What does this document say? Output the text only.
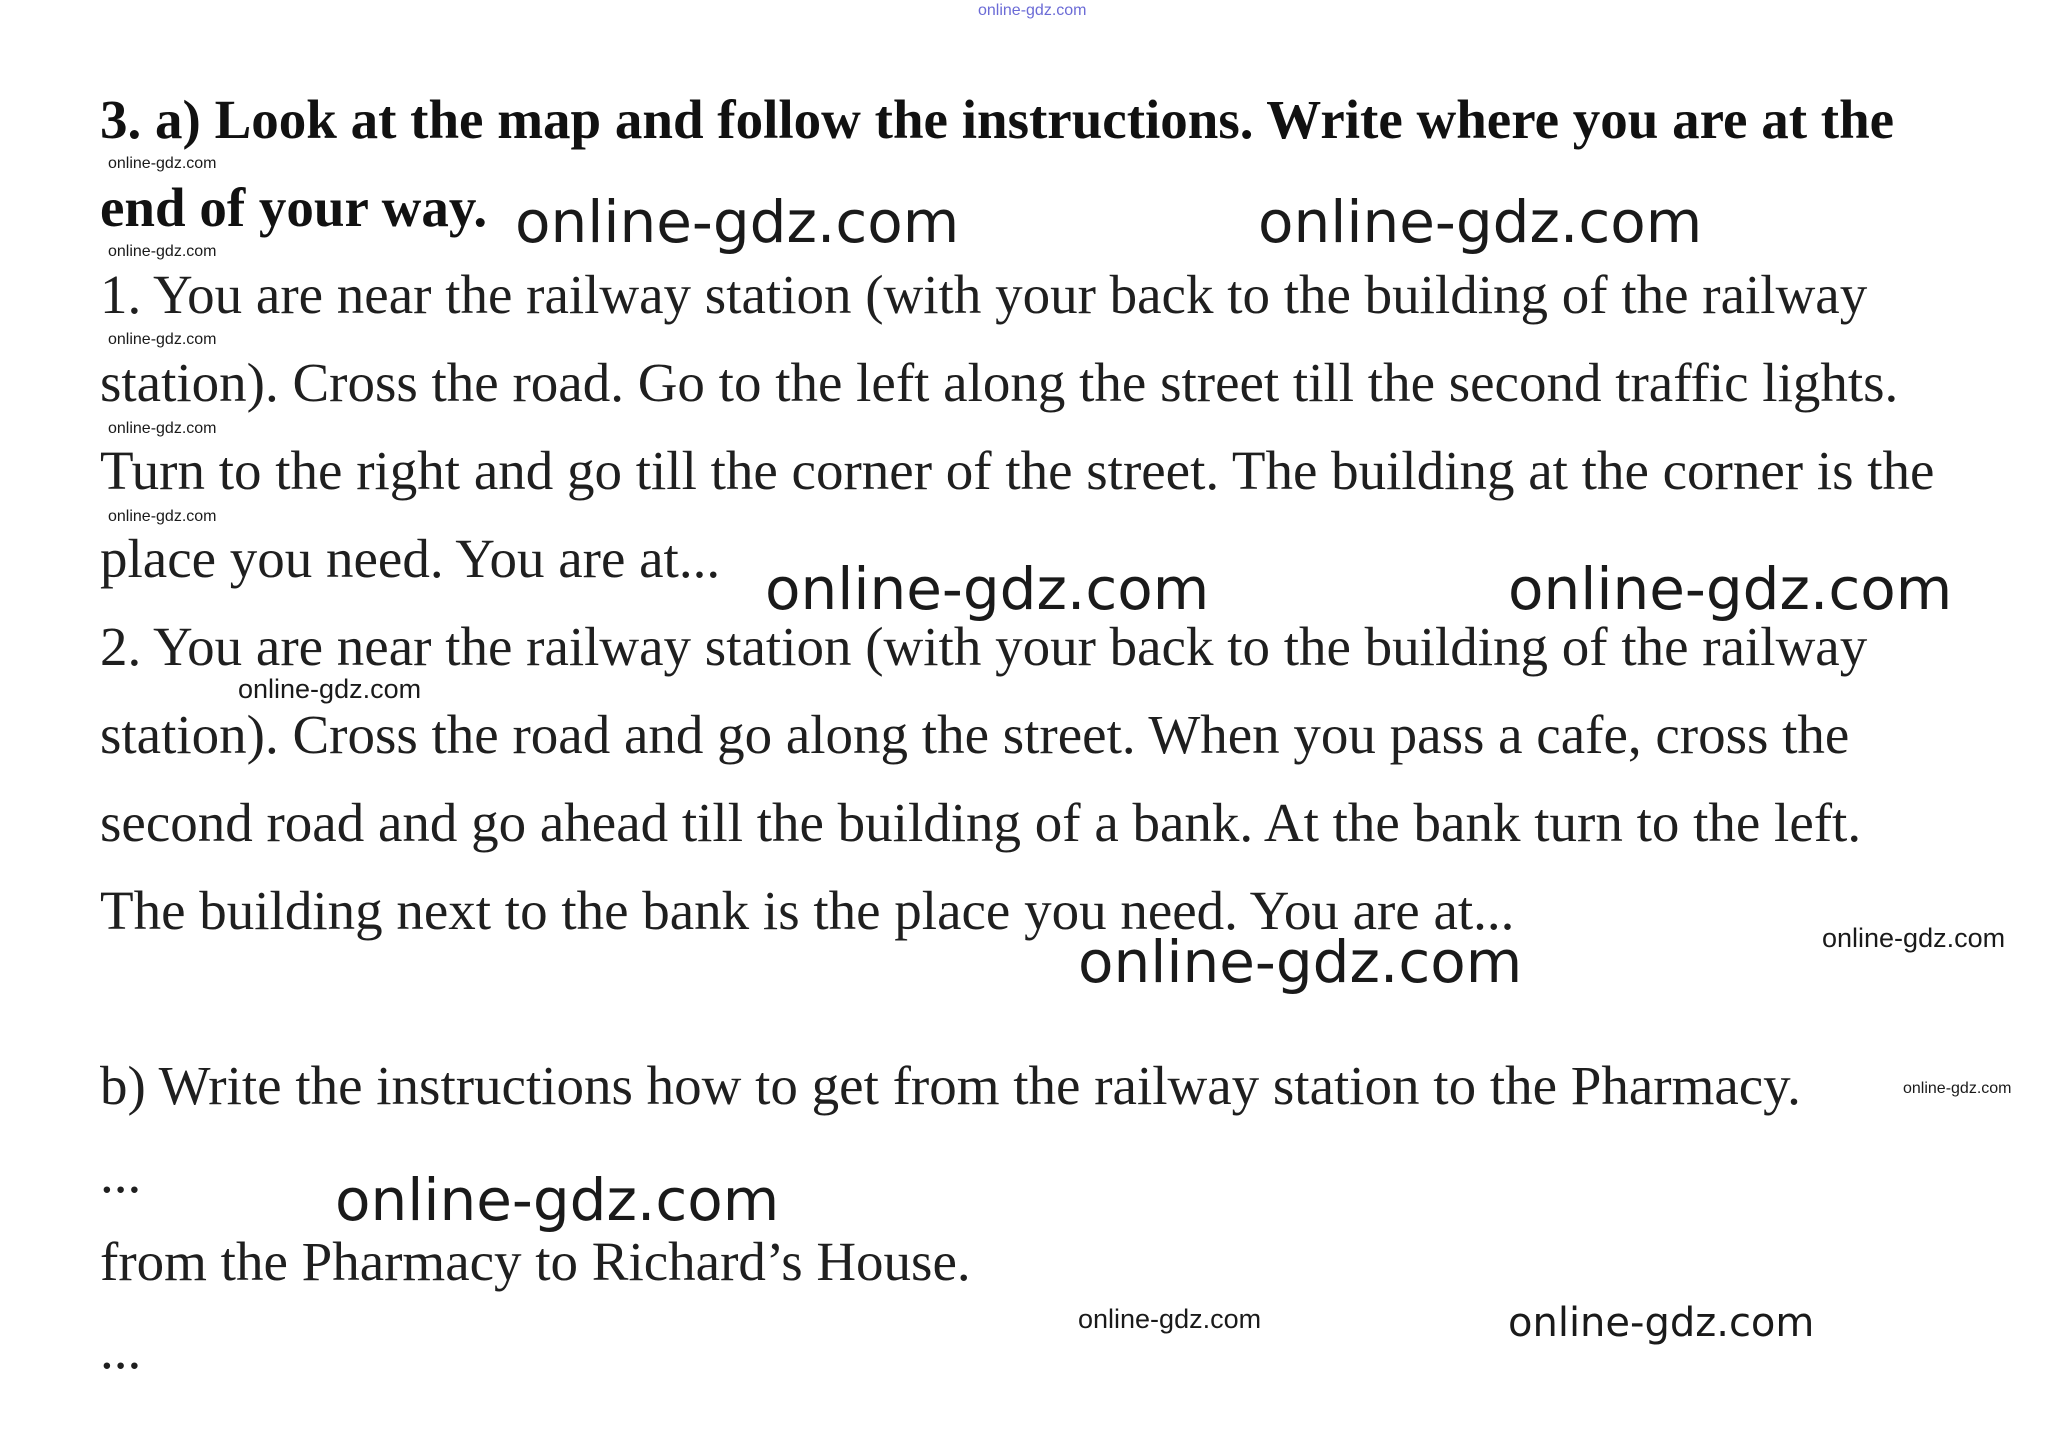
online-gdz.com
3. a) Look at the map and follow the instructions. Write where you are at the
end of your way.
1. You are near the railway station (with your back to the building of the railway
station). Cross the road. Go to the left along the street till the second traffic lights.
Turn to the right and go till the corner of the street. The building at the corner is the
place you need. You are at...
2. You are near the railway station (with your back to the building of the railway
station). Cross the road and go along the street. When you pass a cafe, cross the
second road and go ahead till the building of a bank. At the bank turn to the left.
The building next to the bank is the place you need. You are at...
b) Write the instructions how to get from the railway station to the Pharmacy.
...
from the Pharmacy to Richard’s House.
...
online-gdz.com
online-gdz.com
online-gdz.com
online-gdz.com
online-gdz.com
online-gdz.com
online-gdz.com
online-gdz.com
online-gdz.com	online-gdz.com
online-gdz.com	online-gdz.com
online-gdz.com	online-gdz.com
online-gdz.com
online-gdz.com
